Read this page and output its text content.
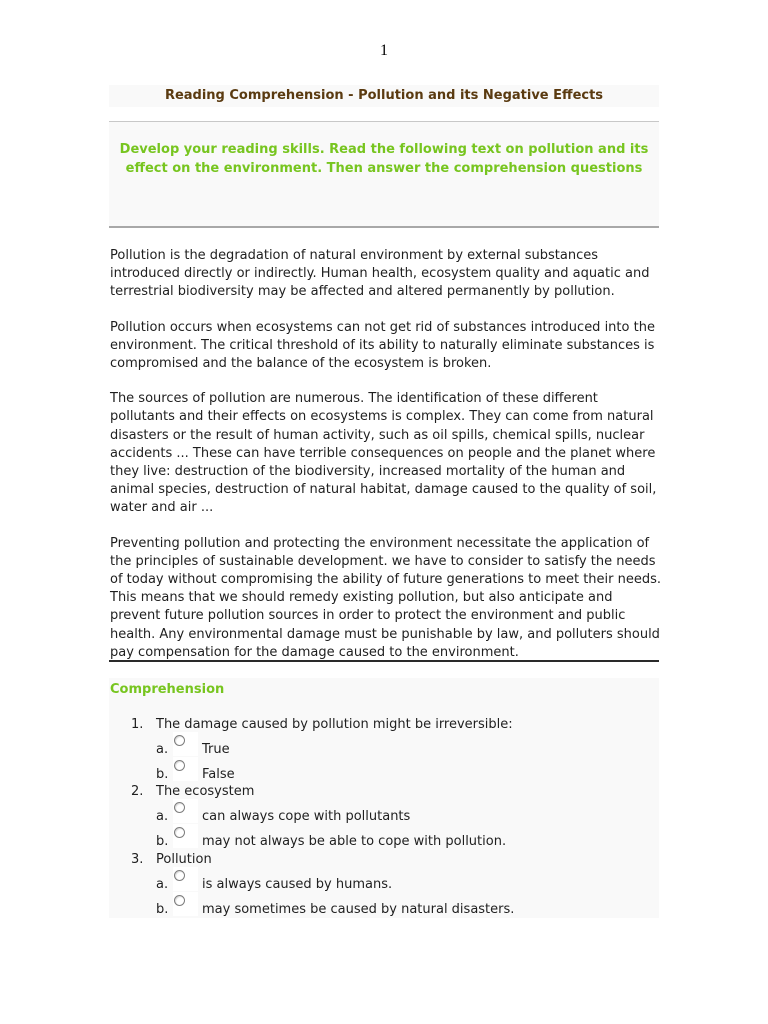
1
Reading Comprehension - Pollution and its Negative Effects
Develop your reading skills. Read the following text on pollution and its effect on the environment. Then answer the comprehension questions

Pollution is the degradation of natural environment by external substances introduced directly or indirectly. Human health, ecosystem quality and aquatic and terrestrial biodiversity may be affected and altered permanently by pollution.

Pollution occurs when ecosystems can not get rid of substances introduced into the environment. The critical threshold of its ability to naturally eliminate substances is compromised and the balance of the ecosystem is broken.

The sources of pollution are numerous. The identification of these different pollutants and their effects on ecosystems is complex. They can come from natural disasters or the result of human activity, such as oil spills, chemical spills, nuclear accidents ... These can have terrible consequences on people and the planet where they live: destruction of the biodiversity, increased mortality of the human and animal species, destruction of natural habitat, damage caused to the quality of soil, water and air ...

Preventing pollution and protecting the environment necessitate the application of the principles of sustainable development. we have to consider to satisfy the needs of today without compromising the ability of future generations to meet their needs. This means that we should remedy existing pollution, but also anticipate and prevent future pollution sources in order to protect the environment and public health. Any environmental damage must be punishable by law, and polluters should pay compensation for the damage caused to the environment.

Comprehension
1. The damage caused by pollution might be irreversible:
a.	True
b.	False
2. The ecosystem
a.	can always cope with pollutants
b.	may not always be able to cope with pollution.
3. Pollution
a.	is always caused by humans.
b.	may sometimes be caused by natural disasters.
